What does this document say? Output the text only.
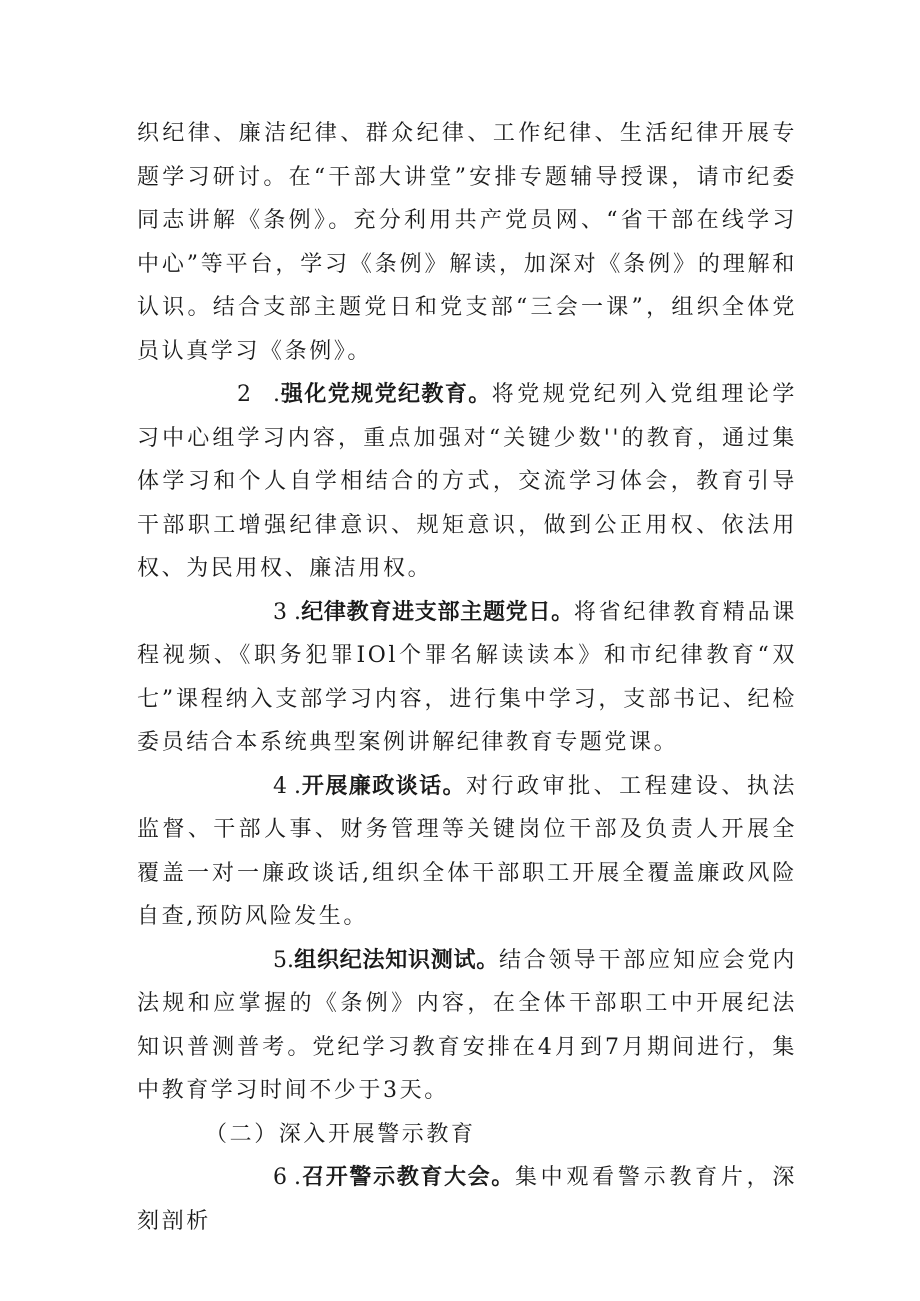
织纪律、廉洁纪律、群众纪律、工作纪律、生活纪律开展专题学习研讨。在“干部大讲堂”安排专题辅导授课，请市纪委同志讲解《条例》。充分利用共产党员网、“省干部在线学习中心”等平台，学习《条例》解读，加深对《条例》的理解和认识。结合支部主题党日和党支部“三会一课”，组织全体党员认真学习《条例》。

2　.强化党规党纪教育。将党规党纪列入党组理论学习中心组学习内容，重点加强对“关键少数''的教育，通过集体学习和个人自学相结合的方式，交流学习体会，教育引导干部职工增强纪律意识、规矩意识，做到公正用权、依法用权、为民用权、廉洁用权。

3 .纪律教育进支部主题党日。将省纪律教育精品课程视频、《职务犯罪IOl个罪名解读读本》和市纪律教育“双七”课程纳入支部学习内容，进行集中学习，支部书记、纪检委员结合本系统典型案例讲解纪律教育专题党课。

4 .开展廉政谈话。对行政审批、工程建设、执法监督、干部人事、财务管理等关键岗位干部及负责人开展全覆盖一对一廉政谈话,组织全体干部职工开展全覆盖廉政风险自查,预防风险发生。

5.组织纪法知识测试。结合领导干部应知应会党内法规和应掌握的《条例》内容，在全体干部职工中开展纪法知识普测普考。党纪学习教育安排在4月到7月期间进行，集中教育学习时间不少于3天。

（二）深入开展警示教育

6 .召开警示教育大会。集中观看警示教育片，深刻剖析
